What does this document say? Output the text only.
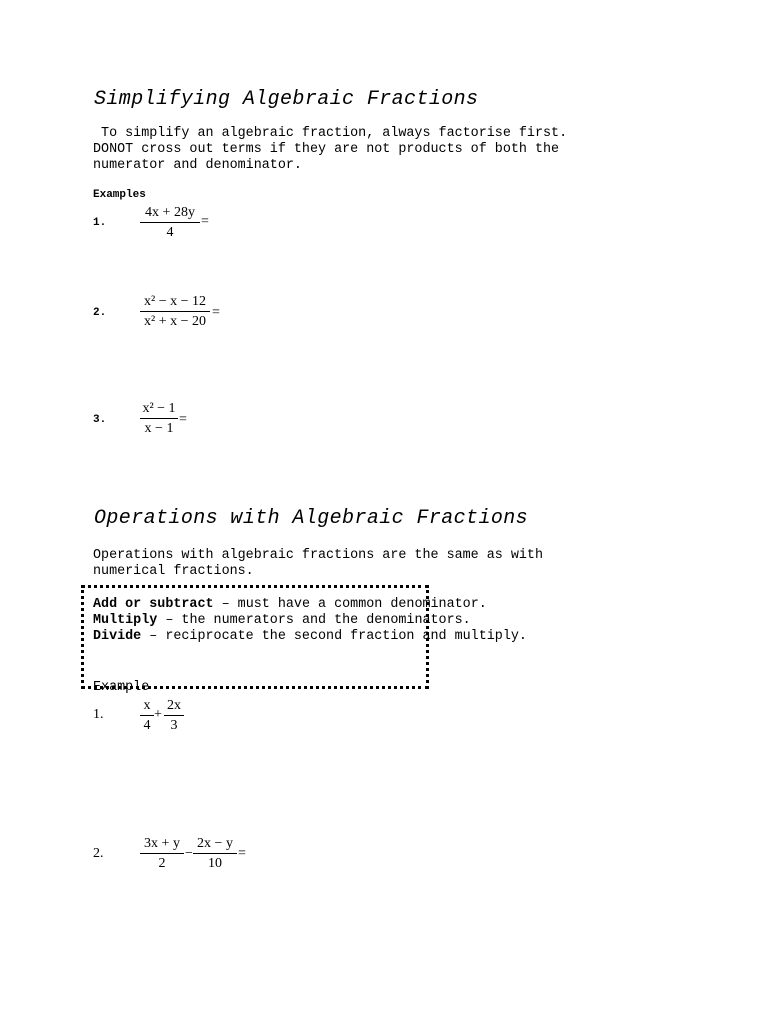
Simplifying Algebraic Fractions
To simplify an algebraic fraction, always factorise first.
DONOT cross out terms if they are not products of both the
numerator and denominator.
Examples
1.
4x + 28y
4
=
2.
x² − x − 12
x² + x − 20
=
3.
x² − 1
x − 1
=
Operations with Algebraic Fractions
Operations with algebraic fractions are the same as with
numerical fractions.
Add or subtract – must have a common denominator.
Multiply – the numerators and the denominators.
Divide – reciprocate the second fraction and multiply.
Example
1.
x
4
+
2x
3
2.
3x + y
2
−
2x − y
10
=
